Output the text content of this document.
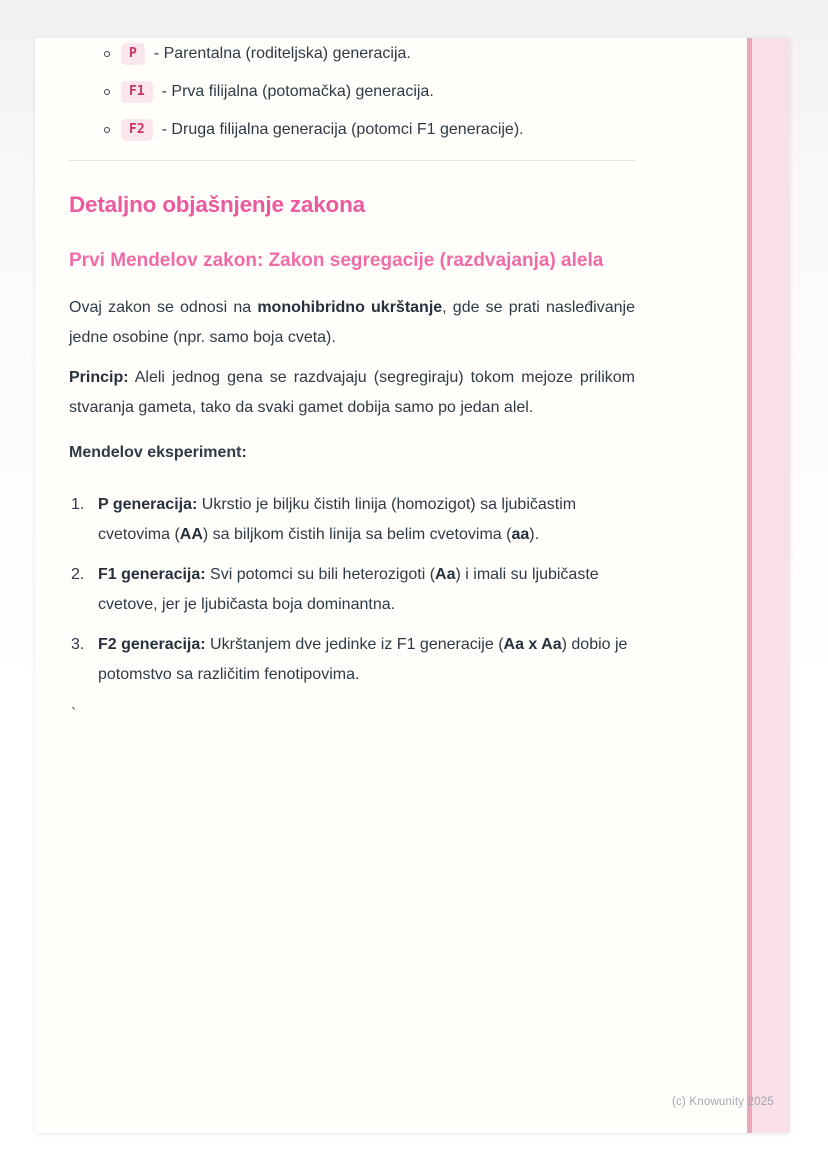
P	- Parentalna (roditeljska) generacija.
F1	- Prva filijalna (potomačka) generacija.
F2	- Druga filijalna generacija (potomci F1 generacije).
Detaljno objašnjenje zakona
Prvi Mendelov zakon: Zakon segregacije (razdvajanja) alela

Ovaj zakon se odnosi na monohibridno ukrštanje, gde se prati nasleđivanje jedne osobine (npr. samo boja cveta).

Princip: Aleli jednog gena se razdvajaju (segregiraju) tokom mejoze prilikom stvaranja gameta, tako da svaki gamet dobija samo po jedan alel.

Mendelov eksperiment:

1. P generacija: Ukrstio je biljku čistih linija (homozigot) sa ljubičastim cvetovima (AA) sa biljkom čistih linija sa belim cvetovima (aa).
2. F1 generacija: Svi potomci su bili heterozigoti (Aa) i imali su ljubičaste cvetove, jer je ljubičasta boja dominantna.
3. F2 generacija: Ukrštanjem dve jedinke iz F1 generacije (Aa x Aa) dobio je potomstvo sa različitim fenotipovima.

`

(c) Knowunity 2025
